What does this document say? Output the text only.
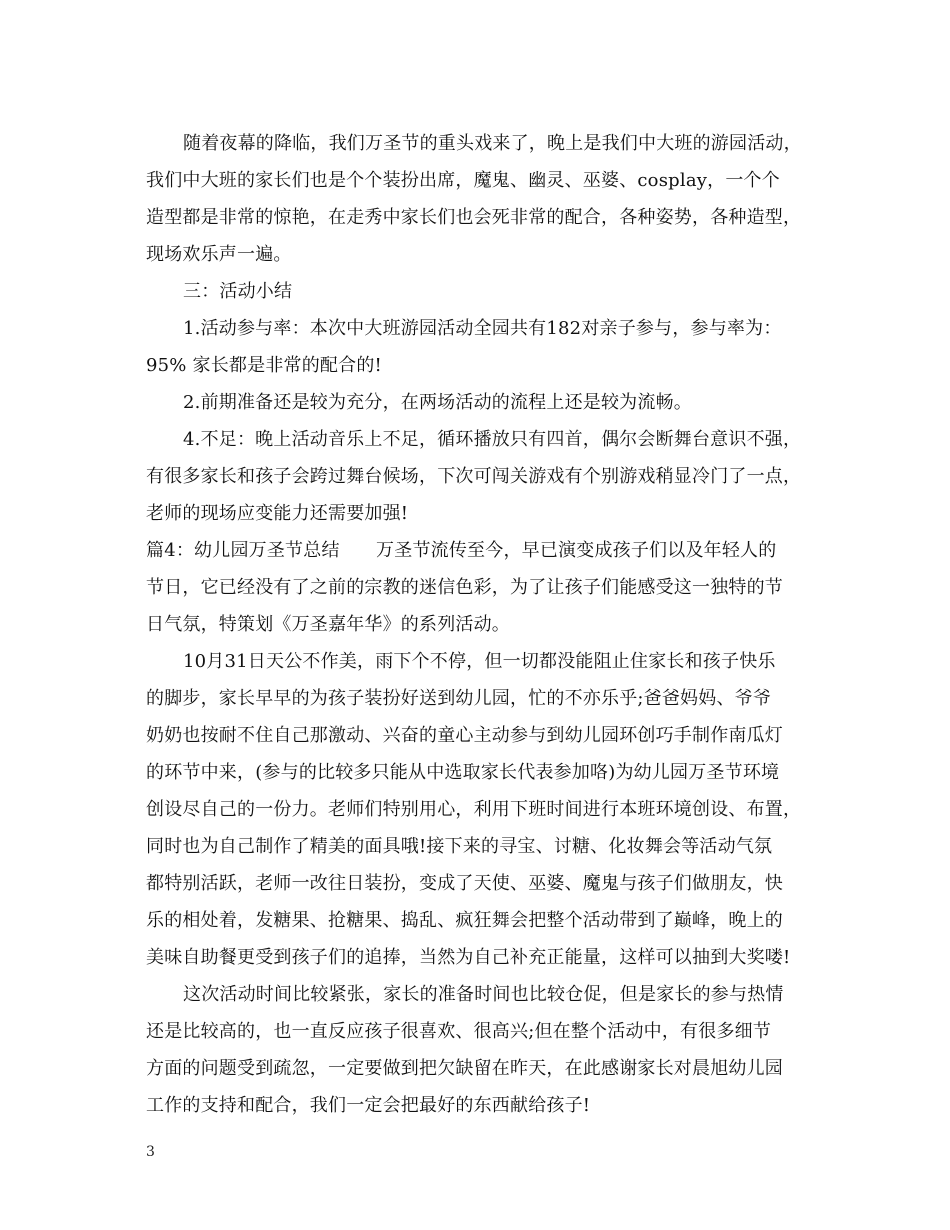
随着夜幕的降临，我们万圣节的重头戏来了，晚上是我们中大班的游园活动，
我们中大班的家长们也是个个装扮出席，魔鬼、幽灵、巫婆、cosplay，一个个
造型都是非常的惊艳，在走秀中家长们也会死非常的配合，各种姿势，各种造型，
现场欢乐声一遍。
三：活动小结
1.活动参与率：本次中大班游园活动全园共有182对亲子参与，参与率为：
95% 家长都是非常的配合的!
2.前期准备还是较为充分，在两场活动的流程上还是较为流畅。
4.不足：晚上活动音乐上不足，循环播放只有四首，偶尔会断舞台意识不强，
有很多家长和孩子会跨过舞台候场，下次可闯关游戏有个别游戏稍显冷门了一点，
老师的现场应变能力还需要加强!
篇4：幼儿园万圣节总结　　万圣节流传至今，早已演变成孩子们以及年轻人的
节日，它已经没有了之前的宗教的迷信色彩，为了让孩子们能感受这一独特的节
日气氛，特策划《万圣嘉年华》的系列活动。
10月31日天公不作美，雨下个不停，但一切都没能阻止住家长和孩子快乐
的脚步，家长早早的为孩子装扮好送到幼儿园，忙的不亦乐乎;爸爸妈妈、爷爷
奶奶也按耐不住自己那激动、兴奋的童心主动参与到幼儿园环创巧手制作南瓜灯
的环节中来，(参与的比较多只能从中选取家长代表参加咯)为幼儿园万圣节环境
创设尽自己的一份力。老师们特别用心，利用下班时间进行本班环境创设、布置，
同时也为自己制作了精美的面具哦!接下来的寻宝、讨糖、化妆舞会等活动气氛
都特别活跃，老师一改往日装扮，变成了天使、巫婆、魔鬼与孩子们做朋友，快
乐的相处着，发糖果、抢糖果、捣乱、疯狂舞会把整个活动带到了巅峰，晚上的
美味自助餐更受到孩子们的追捧，当然为自己补充正能量，这样可以抽到大奖喽!
这次活动时间比较紧张，家长的准备时间也比较仓促，但是家长的参与热情
还是比较高的，也一直反应孩子很喜欢、很高兴;但在整个活动中，有很多细节
方面的问题受到疏忽，一定要做到把欠缺留在昨天，在此感谢家长对晨旭幼儿园
工作的支持和配合，我们一定会把最好的东西献给孩子!
3
